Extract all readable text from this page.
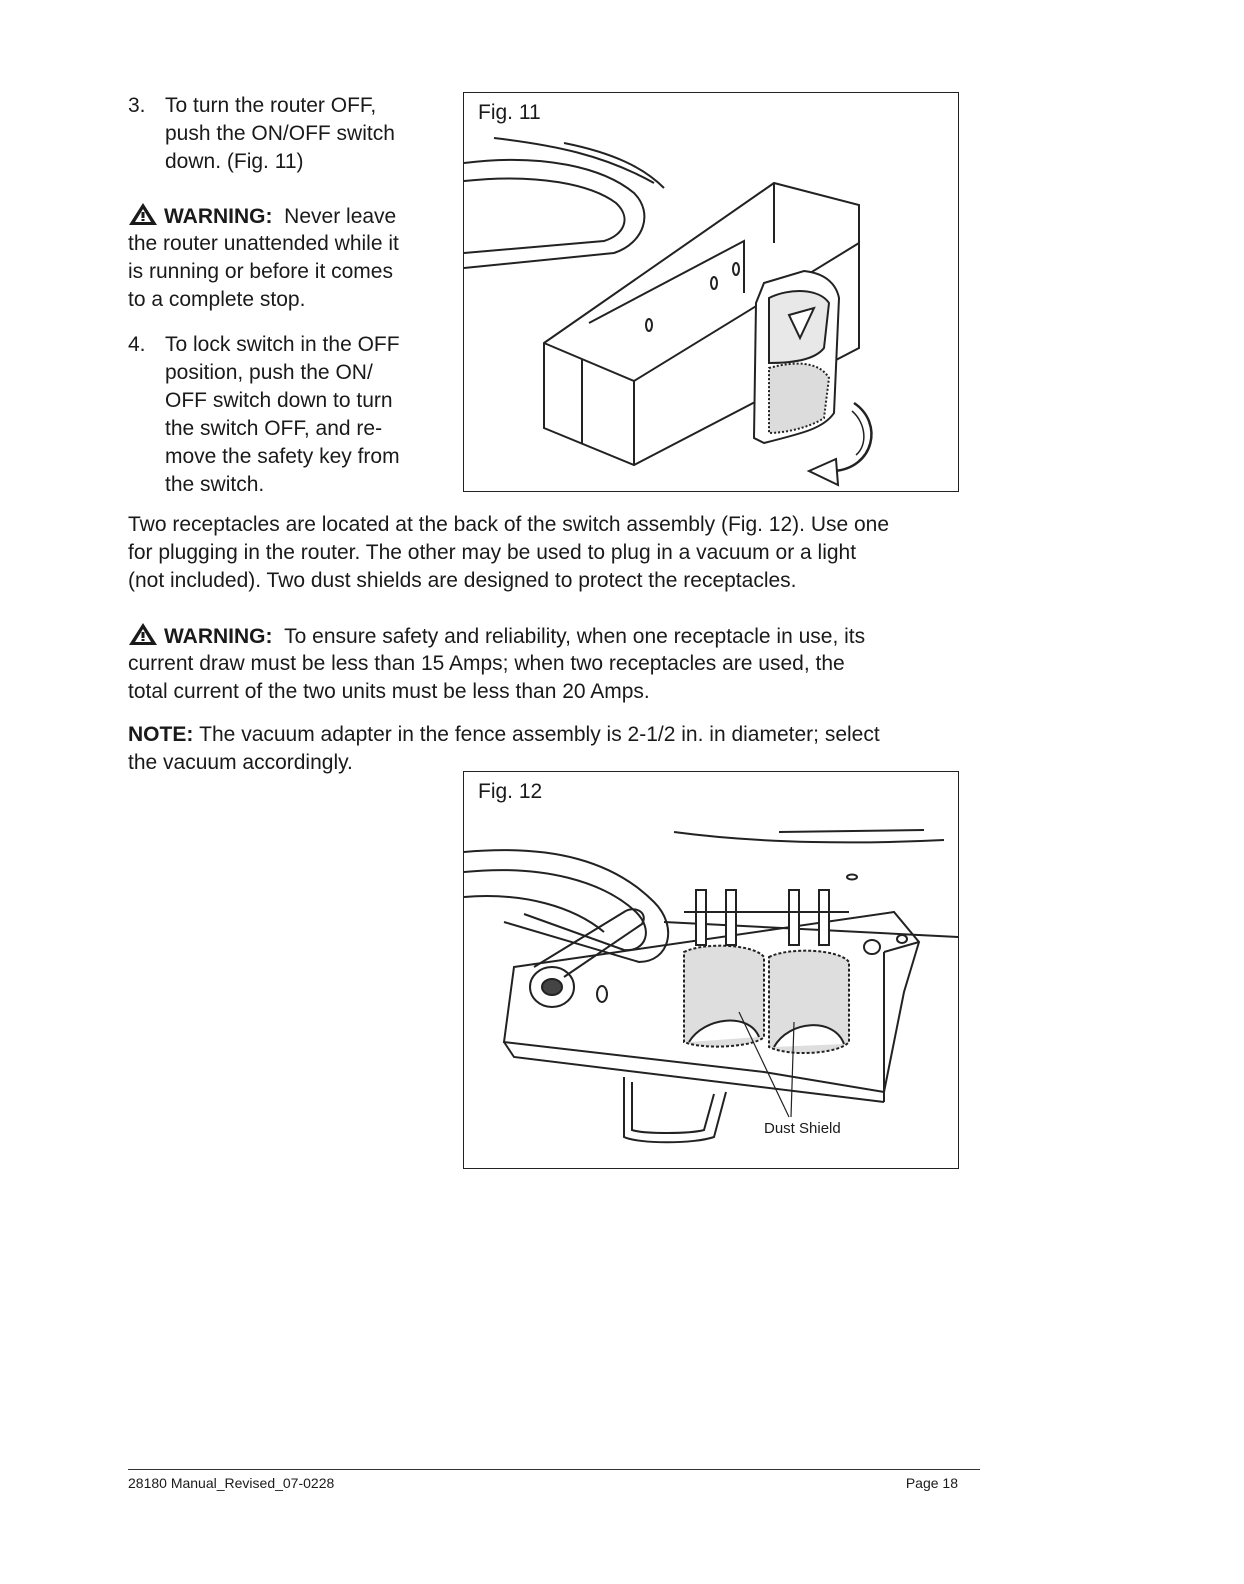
3. To turn the router OFF,
push the ON/OFF switch
down. (Fig. 11)
WARNING: Never leave
the router unattended while it
is running or before it comes
to a complete stop.
4. To lock switch in the OFF
position, push the ON/
OFF switch down to turn
the switch OFF, and re-
move the safety key from
the switch.
Fig. 11
Two receptacles are located at the back of the switch assembly (Fig. 12). Use one
for plugging in the router. The other may be used to plug in a vacuum or a light
(not included). Two dust shields are designed to protect the receptacles.
WARNING: To ensure safety and reliability, when one receptacle in use, its
current draw must be less than 15 Amps; when two receptacles are used, the
total current of the two units must be less than 20 Amps.
NOTE: The vacuum adapter in the fence assembly is 2-1/2 in. in diameter; select
the vacuum accordingly.
Fig. 12
Dust Shield
28180 Manual_Revised_07-0228	Page 18
